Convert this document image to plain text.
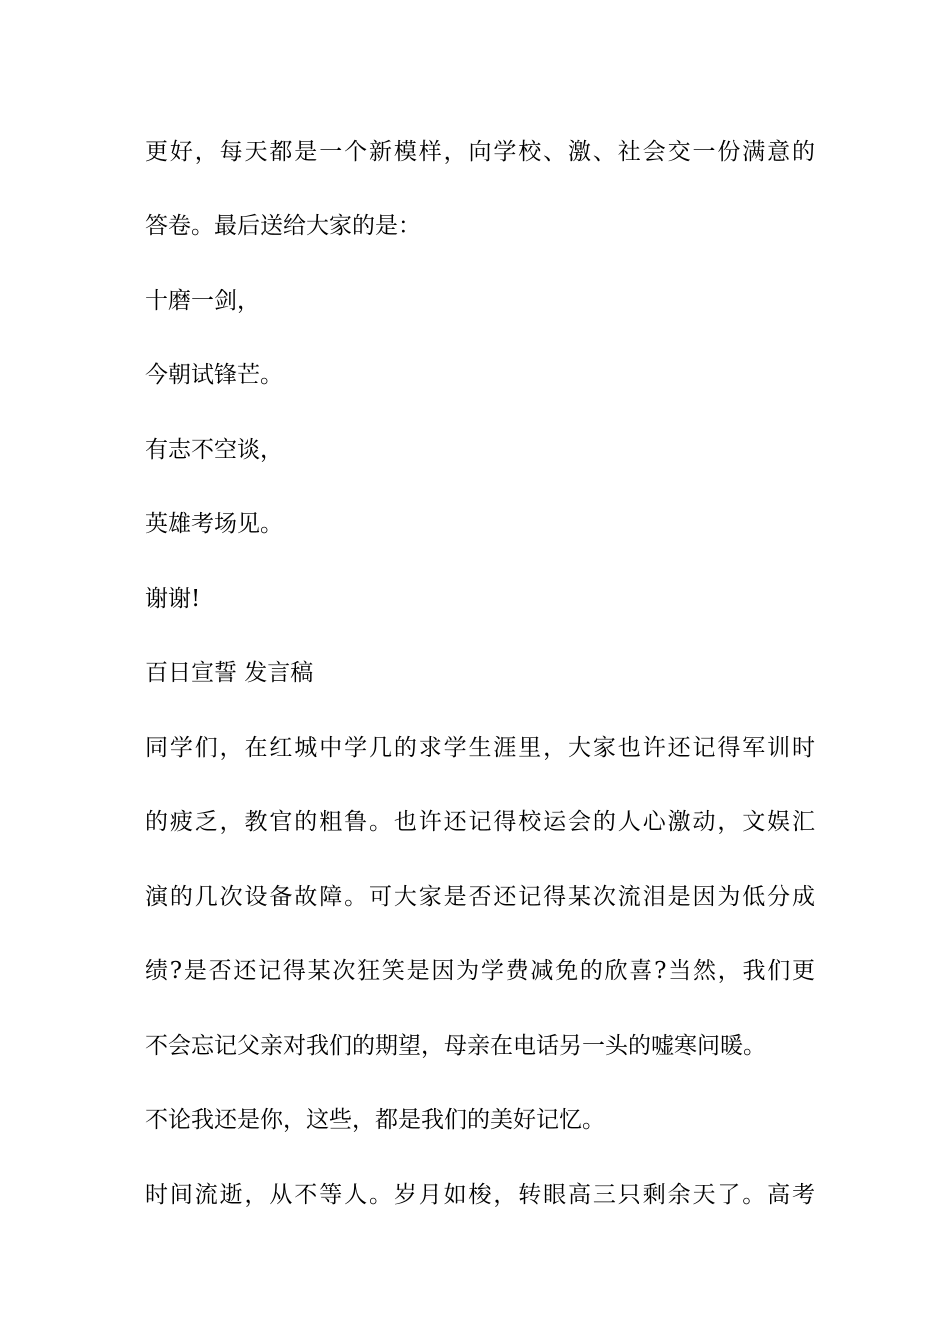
更好，每天都是一个新模样，向学校、激、社会交一份满意的
答卷。最后送给大家的是：
十磨一剑，
今朝试锋芒。
有志不空谈，
英雄考场见。
谢谢!
百日宣誓 发言稿
同学们，在红城中学几的求学生涯里，大家也许还记得军训时
的疲乏，教官的粗鲁。也许还记得校运会的人心激动，文娱汇
演的几次设备故障。可大家是否还记得某次流泪是因为低分成
绩?是否还记得某次狂笑是因为学费减免的欣喜?当然，我们更
不会忘记父亲对我们的期望，母亲在电话另一头的嘘寒问暖。
不论我还是你，这些，都是我们的美好记忆。
时间流逝，从不等人。岁月如梭，转眼高三只剩余天了。高考
